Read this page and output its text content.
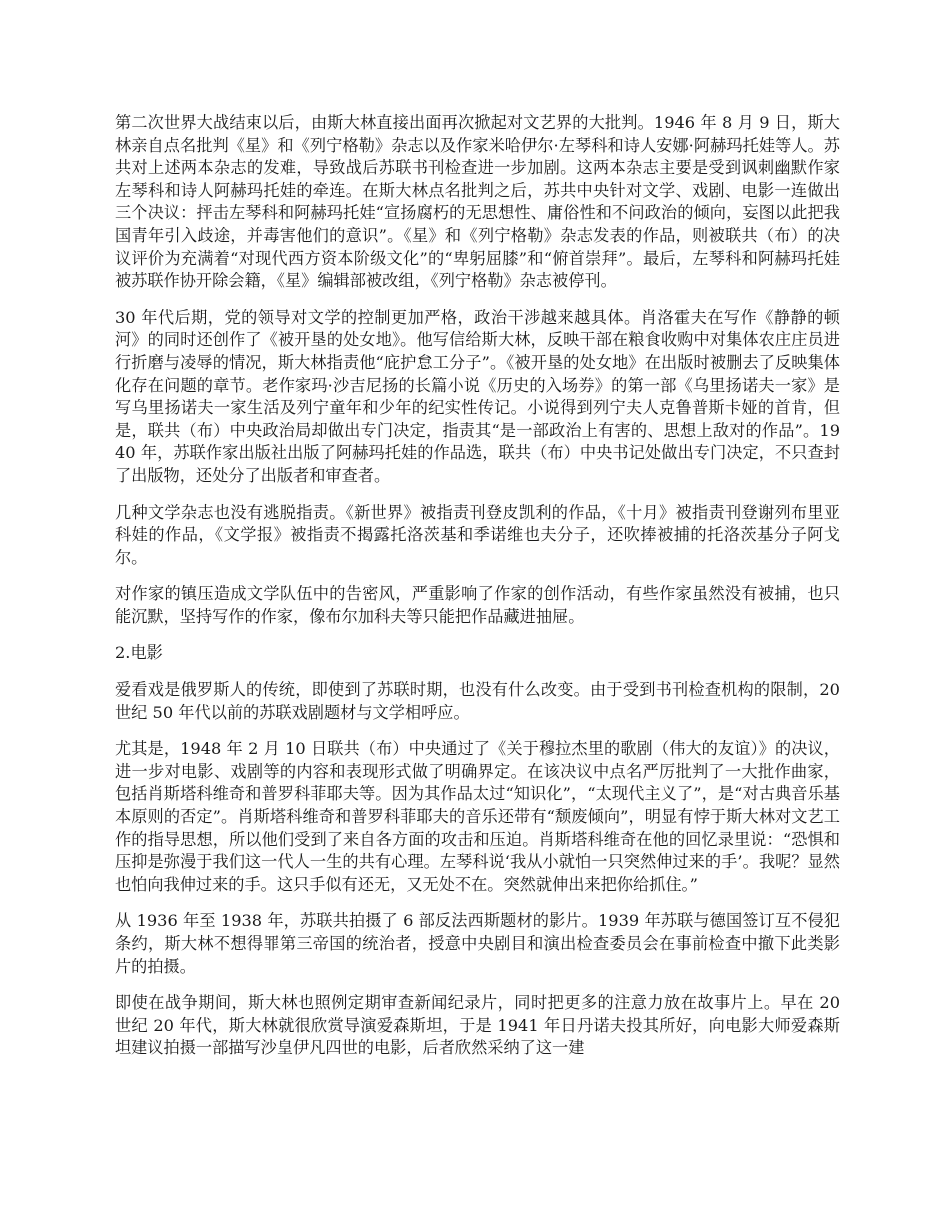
第二次世界大战结束以后，由斯大林直接出面再次掀起对文艺界的大批判。1946 年 8 月 9 日，斯大林亲自点名批判《星》和《列宁格勒》杂志以及作家米哈伊尔·左琴科和诗人安娜·阿赫玛托娃等人。苏共对上述两本杂志的发难，导致战后苏联书刊检查进一步加剧。这两本杂志主要是受到讽刺幽默作家左琴科和诗人阿赫玛托娃的牵连。在斯大林点名批判之后，苏共中央针对文学、戏剧、电影一连做出三个决议：抨击左琴科和阿赫玛托娃“宣扬腐朽的无思想性、庸俗性和不问政治的倾向，妄图以此把我国青年引入歧途，并毒害他们的意识”。《星》和《列宁格勒》杂志发表的作品，则被联共（布）的决议评价为充满着“对现代西方资本阶级文化”的“卑躬屈膝”和“俯首崇拜”。最后，左琴科和阿赫玛托娃被苏联作协开除会籍，《星》编辑部被改组，《列宁格勒》杂志被停刊。

30 年代后期，党的领导对文学的控制更加严格，政治干涉越来越具体。肖洛霍夫在写作《静静的顿河》的同时还创作了《被开垦的处女地》。他写信给斯大林，反映干部在粮食收购中对集体农庄庄员进行折磨与凌辱的情况，斯大林指责他“庇护怠工分子”。《被开垦的处女地》在出版时被删去了反映集体化存在问题的章节。老作家玛·沙吉尼扬的长篇小说《历史的入场券》的第一部《乌里扬诺夫一家》是写乌里扬诺夫一家生活及列宁童年和少年的纪实性传记。小说得到列宁夫人克鲁普斯卡娅的首肯，但是，联共（布）中央政治局却做出专门决定，指责其“是一部政治上有害的、思想上敌对的作品”。1940 年，苏联作家出版社出版了阿赫玛托娃的作品选，联共（布）中央书记处做出专门决定，不只查封了出版物，还处分了出版者和审查者。

几种文学杂志也没有逃脱指责。《新世界》被指责刊登皮凯利的作品，《十月》被指责刊登谢列布里亚科娃的作品，《文学报》被指责不揭露托洛茨基和季诺维也夫分子，还吹捧被捕的托洛茨基分子阿戈尔。

对作家的镇压造成文学队伍中的告密风，严重影响了作家的创作活动，有些作家虽然没有被捕，也只能沉默，坚持写作的作家，像布尔加科夫等只能把作品藏进抽屉。

2.电影

爱看戏是俄罗斯人的传统，即使到了苏联时期，也没有什么改变。由于受到书刊检查机构的限制，20 世纪 50 年代以前的苏联戏剧题材与文学相呼应。

尤其是，1948 年 2 月 10 日联共（布）中央通过了《关于穆拉杰里的歌剧（伟大的友谊）》的决议，进一步对电影、戏剧等的内容和表现形式做了明确界定。在该决议中点名严厉批判了一大批作曲家，包括肖斯塔科维奇和普罗科菲耶夫等。因为其作品太过“知识化”，“太现代主义了”，是“对古典音乐基本原则的否定”。肖斯塔科维奇和普罗科菲耶夫的音乐还带有“颓废倾向”，明显有悖于斯大林对文艺工作的指导思想，所以他们受到了来自各方面的攻击和压迫。肖斯塔科维奇在他的回忆录里说：“恐惧和压抑是弥漫于我们这一代人一生的共有心理。左琴科说‘我从小就怕一只突然伸过来的手’。我呢？显然也怕向我伸过来的手。这只手似有还无，又无处不在。突然就伸出来把你给抓住。”

从 1936 年至 1938 年，苏联共拍摄了 6 部反法西斯题材的影片。1939 年苏联与德国签订互不侵犯条约，斯大林不想得罪第三帝国的统治者，授意中央剧目和演出检查委员会在事前检查中撤下此类影片的拍摄。

即使在战争期间，斯大林也照例定期审查新闻纪录片，同时把更多的注意力放在故事片上。早在 20 世纪 20 年代，斯大林就很欣赏导演爱森斯坦，于是 1941 年日丹诺夫投其所好，向电影大师爱森斯坦建议拍摄一部描写沙皇伊凡四世的电影，后者欣然采纳了这一建
